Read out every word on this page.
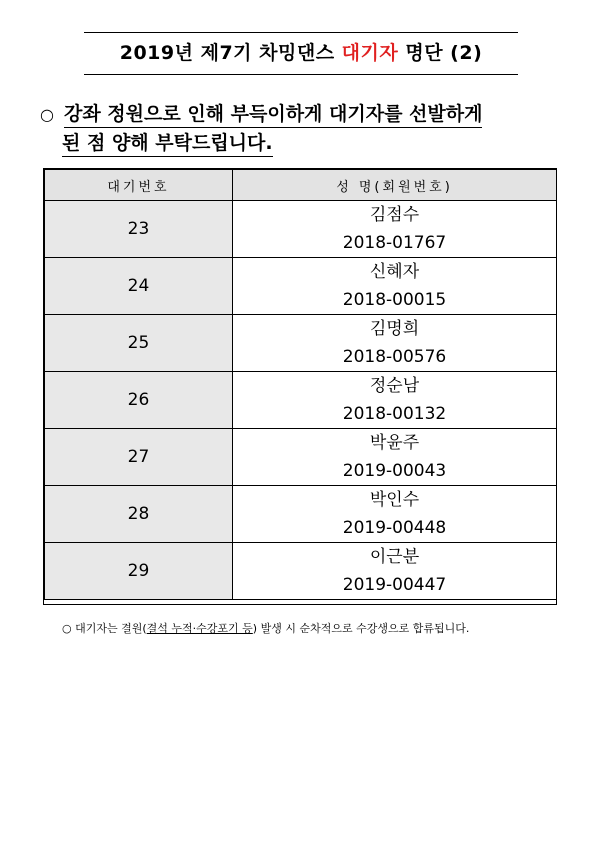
2019년 제7기 차밍댄스 대기자 명단 (2)
○ 강좌 정원으로 인해 부득이하게 대기자를 선발하게
된 점 양해 부탁드립니다.
대기번호	성 명(회원번호)
23	김점수
2018-01767

24	신혜자
2018-00015

25	김명희
2018-00576

26	정순남
2018-00132

27	박윤주
2019-00043

28	박인수
2019-00448

29	이근분
2019-00447
○ 대기자는 결원(결석 누적·수강포기 등) 발생 시 순차적으로 수강생으로 합류됩니다.
